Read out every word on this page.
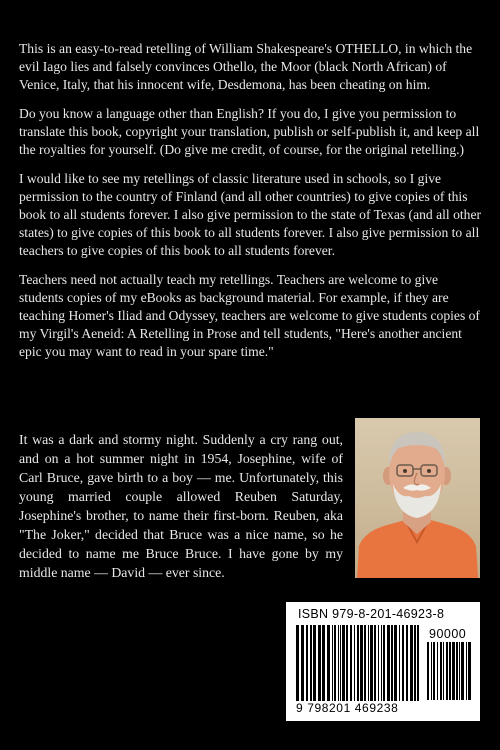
This is an easy-to-read retelling of William Shakespeare's OTHELLO, in which the evil Iago lies and falsely convinces Othello, the Moor (black North African) of Venice, Italy, that his innocent wife, Desdemona, has been cheating on him.

Do you know a language other than English? If you do, I give you permission to translate this book, copyright your translation, publish or self-publish it, and keep all the royalties for yourself. (Do give me credit, of course, for the original retelling.)

I would like to see my retellings of classic literature used in schools, so I give permission to the country of Finland (and all other countries) to give copies of this book to all students forever. I also give permission to the state of Texas (and all other states) to give copies of this book to all students forever. I also give permission to all teachers to give copies of this book to all students forever.

Teachers need not actually teach my retellings. Teachers are welcome to give students copies of my eBooks as background material. For example, if they are teaching Homer's Iliad and Odyssey, teachers are welcome to give students copies of my Virgil's Aeneid: A Retelling in Prose and tell students, "Here's another ancient epic you may want to read in your spare time."

It was a dark and stormy night. Suddenly a cry rang out, and on a hot summer night in 1954, Josephine, wife of Carl Bruce, gave birth to a boy — me. Unfortunately, this young married couple allowed Reuben Saturday, Josephine's brother, to name their first-born. Reuben, aka "The Joker," decided that Bruce was a nice name, so he decided to name me Bruce Bruce. I have gone by my middle name — David — ever since.

ISBN 979-8-201-46923-8
90000
9 798201 469238
